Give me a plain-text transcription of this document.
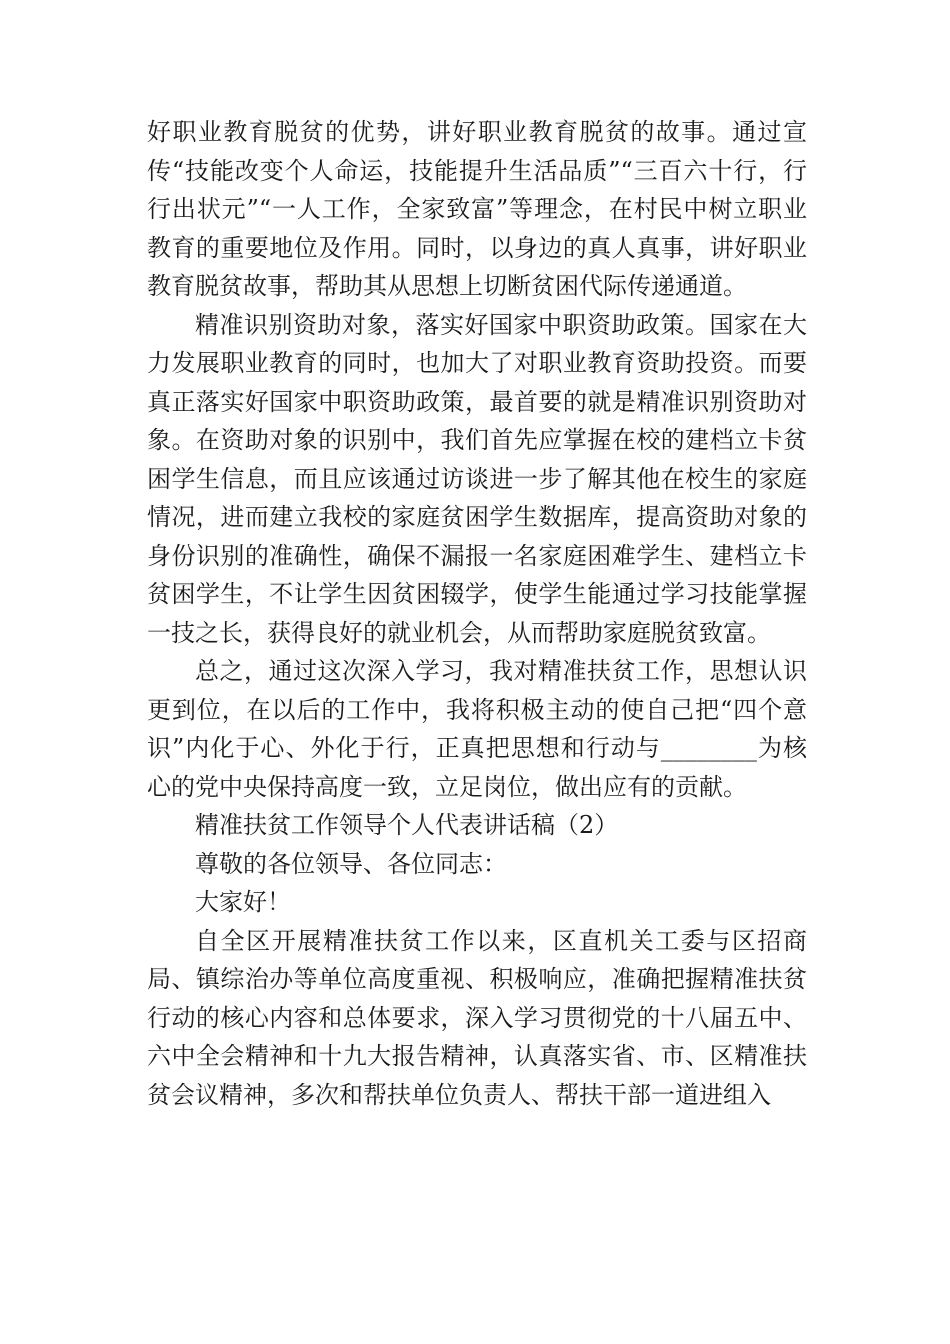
好职业教育脱贫的优势，讲好职业教育脱贫的故事。通过宣传“技能改变个人命运，技能提升生活品质”“三百六十行，行行出状元”“一人工作，全家致富”等理念，在村民中树立职业教育的重要地位及作用。同时，以身边的真人真事，讲好职业教育脱贫故事，帮助其从思想上切断贫困代际传递通道。

精准识别资助对象，落实好国家中职资助政策。国家在大力发展职业教育的同时，也加大了对职业教育资助投资。而要真正落实好国家中职资助政策，最首要的就是精准识别资助对象。在资助对象的识别中，我们首先应掌握在校的建档立卡贫困学生信息，而且应该通过访谈进一步了解其他在校生的家庭情况，进而建立我校的家庭贫困学生数据库，提高资助对象的身份识别的准确性，确保不漏报一名家庭困难学生、建档立卡贫困学生，不让学生因贫困辍学，使学生能通过学习技能掌握一技之长，获得良好的就业机会，从而帮助家庭脱贫致富。

总之，通过这次深入学习，我对精准扶贫工作，思想认识更到位，在以后的工作中，我将积极主动的使自己把“四个意识”内化于心、外化于行，正真把思想和行动与________为核心的党中央保持高度一致，立足岗位，做出应有的贡献。

精准扶贫工作领导个人代表讲话稿（2）

尊敬的各位领导、各位同志：

大家好！

自全区开展精准扶贫工作以来，区直机关工委与区招商局、镇综治办等单位高度重视、积极响应，准确把握精准扶贫行动的核心内容和总体要求，深入学习贯彻党的十八届五中、六中全会精神和十九大报告精神，认真落实省、市、区精准扶贫会议精神，多次和帮扶单位负责人、帮扶干部一道进组入
